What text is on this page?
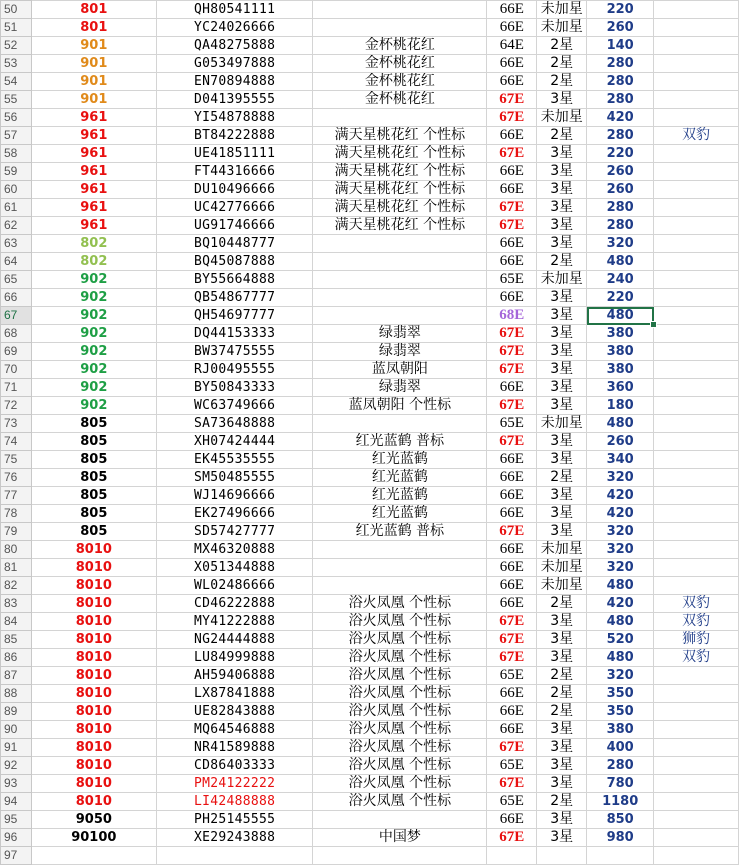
50	801	QH80541111		66E	未加星	220	
51	801	YC24026666		66E	未加星	260	
52	901	QA48275888	金杯桃花红	64E	2星	140	
53	901	G053497888	金杯桃花红	66E	2星	280	
54	901	EN70894888	金杯桃花红	66E	2星	280	
55	901	D041395555	金杯桃花红	67E	3星	280	
56	961	YI54878888		67E	未加星	420	
57	961	BT84222888	满天星桃花红 个性标	66E	2星	280	双豹
58	961	UE41851111	满天星桃花红 个性标	67E	3星	220	
59	961	FT44316666	满天星桃花红 个性标	66E	3星	260	
60	961	DU10496666	满天星桃花红 个性标	66E	3星	260	
61	961	UC42776666	满天星桃花红 个性标	67E	3星	280	
62	961	UG91746666	满天星桃花红 个性标	67E	3星	280	
63	802	BQ10448777		66E	3星	320	
64	802	BQ45087888		66E	2星	480	
65	902	BY55664888		65E	未加星	240	
66	902	QB54867777		66E	3星	220	
67	902	QH54697777		68E	3星	480	
68	902	DQ44153333	绿翡翠	67E	3星	380	
69	902	BW37475555	绿翡翠	67E	3星	380	
70	902	RJ00495555	蓝凤朝阳	67E	3星	380	
71	902	BY50843333	绿翡翠	66E	3星	360	
72	902	WC63749666	蓝凤朝阳 个性标	67E	3星	180	
73	805	SA73648888		65E	未加星	480	
74	805	XH07424444	红光蓝鹤 普标	67E	3星	260	
75	805	EK45535555	红光蓝鹤	66E	3星	340	
76	805	SM50485555	红光蓝鹤	66E	2星	320	
77	805	WJ14696666	红光蓝鹤	66E	3星	420	
78	805	EK27496666	红光蓝鹤	66E	3星	420	
79	805	SD57427777	红光蓝鹤 普标	67E	3星	320	
80	8010	MX46320888		66E	未加星	320	
81	8010	X051344888		66E	未加星	320	
82	8010	WL02486666		66E	未加星	480	
83	8010	CD46222888	浴火凤凰 个性标	66E	2星	420	双豹
84	8010	MY41222888	浴火凤凰 个性标	67E	3星	480	双豹
85	8010	NG24444888	浴火凤凰 个性标	67E	3星	520	狮豹
86	8010	LU84999888	浴火凤凰 个性标	67E	3星	480	双豹
87	8010	AH59406888	浴火凤凰 个性标	65E	2星	320	
88	8010	LX87841888	浴火凤凰 个性标	66E	2星	350	
89	8010	UE82843888	浴火凤凰 个性标	66E	2星	350	
90	8010	MQ64546888	浴火凤凰 个性标	66E	3星	380	
91	8010	NR41589888	浴火凤凰 个性标	67E	3星	400	
92	8010	CD86403333	浴火凤凰 个性标	65E	3星	280	
93	8010	PM24122222	浴火凤凰 个性标	67E	3星	780	
94	8010	LI42488888	浴火凤凰 个性标	65E	2星	1180	
95	9050	PH25145555		66E	3星	850	
96	90100	XE29243888	中国梦	67E	3星	980	
97							
